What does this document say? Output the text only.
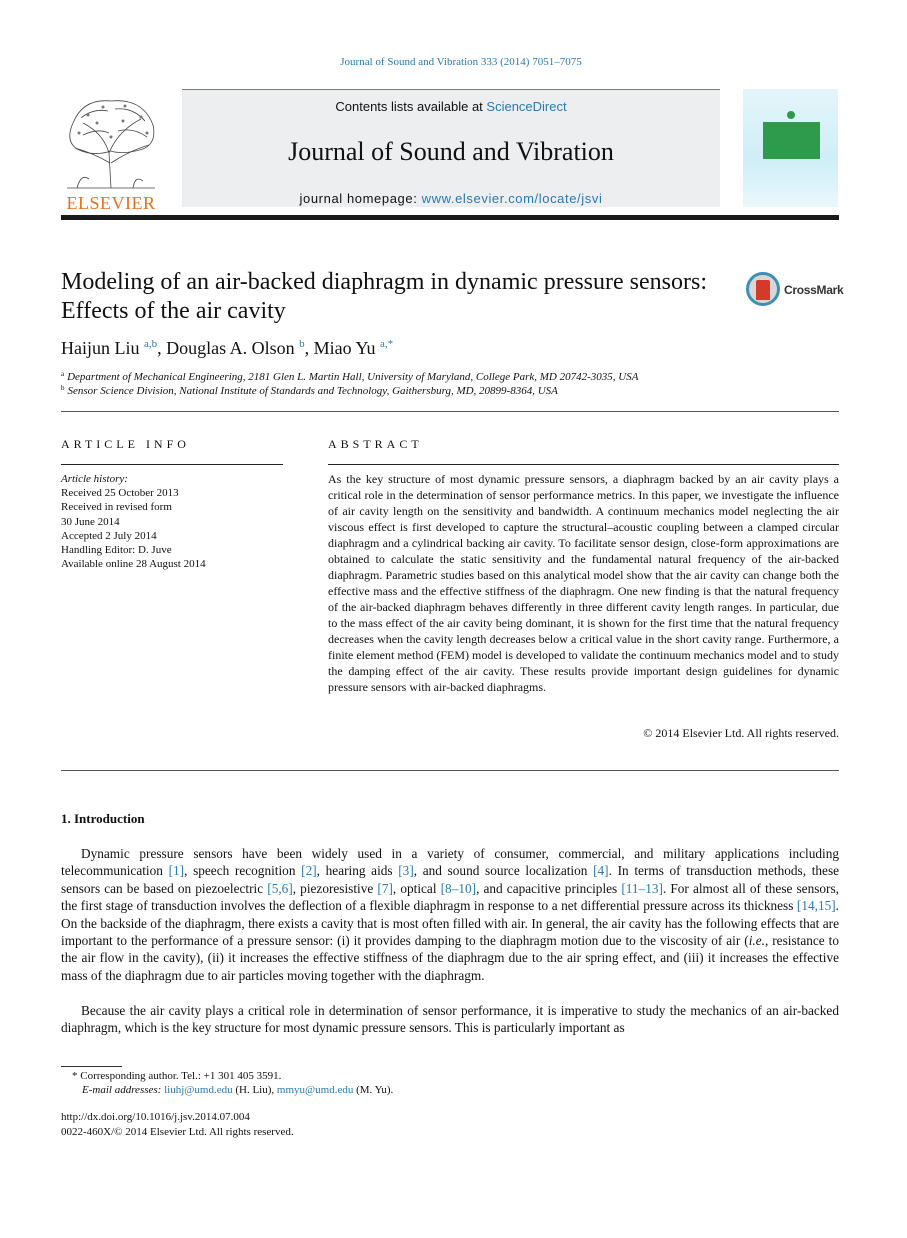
Journal of Sound and Vibration 333 (2014) 7051–7075
ELSEVIER
Contents lists available at ScienceDirect
Journal of Sound and Vibration
journal homepage: www.elsevier.com/locate/jsvi
Modeling of an air-backed diaphragm in dynamic pressure sensors: Effects of the air cavity
CrossMark
Haijun Liu $^{a,b}$, Douglas A. Olson $^b$, Miao Yu $^{a,*}$
$^a$ Department of Mechanical Engineering, 2181 Glen L. Martin Hall, University of Maryland, College Park, MD 20742-3035, USA
$^b$ Sensor Science Division, National Institute of Standards and Technology, Gaithersburg, MD, 20899-8364, USA
ARTICLE INFO	ABSTRACT
Article history:
Received 25 October 2013
Received in revised form
30 June 2014
Accepted 2 July 2014
Handling Editor: D. Juve
Available online 28 August 2014
As the key structure of most dynamic pressure sensors, a diaphragm backed by an air cavity plays a critical role in the determination of sensor performance metrics. In this paper, we investigate the influence of air cavity length on the sensitivity and bandwidth. A continuum mechanics model neglecting the air viscous effect is first developed to capture the structural–acoustic coupling between a clamped circular diaphragm and a cylindrical backing air cavity. To facilitate sensor design, close-form approximations are obtained to calculate the static sensitivity and the fundamental natural frequency of the air-backed diaphragm. Parametric studies based on this analytical model show that the air cavity can change both the effective mass and the effective stiffness of the diaphragm. One new finding is that the natural frequency of the air-backed diaphragm behaves differently in three different cavity length ranges. In particular, due to the mass effect of the air cavity being dominant, it is shown for the first time that the natural frequency decreases when the cavity length decreases below a critical value in the short cavity range. Furthermore, a finite element method (FEM) model is developed to validate the continuum mechanics model and to study the damping effect of the air cavity. These results provide important design guidelines for dynamic pressure sensors with air-backed diaphragms.
© 2014 Elsevier Ltd. All rights reserved.
1. Introduction
Dynamic pressure sensors have been widely used in a variety of consumer, commercial, and military applications including telecommunication [1], speech recognition [2], hearing aids [3], and sound source localization [4]. In terms of transduction methods, these sensors can be based on piezoelectric [5,6], piezoresistive [7], optical [8–10], and capacitive principles [11–13]. For almost all of these sensors, the first stage of transduction involves the deflection of a flexible diaphragm in response to a net differential pressure across its thickness [14,15]. On the backside of the diaphragm, there exists a cavity that is most often filled with air. In general, the air cavity has the following effects that are important to the performance of a pressure sensor: (i) it provides damping to the diaphragm motion due to the viscosity of air (i.e., resistance to the air flow in the cavity), (ii) it increases the effective stiffness of the diaphragm due to the air spring effect, and (iii) it increases the effective mass of the diaphragm due to air particles moving together with the diaphragm.
Because the air cavity plays a critical role in determination of sensor performance, it is imperative to study the mechanics of an air-backed diaphragm, which is the key structure for most dynamic pressure sensors. This is particularly important as
* Corresponding author. Tel.: +1 301 405 3591.
E-mail addresses: liuhj@umd.edu (H. Liu), mmyu@umd.edu (M. Yu).
http://dx.doi.org/10.1016/j.jsv.2014.07.004
0022-460X/© 2014 Elsevier Ltd. All rights reserved.
